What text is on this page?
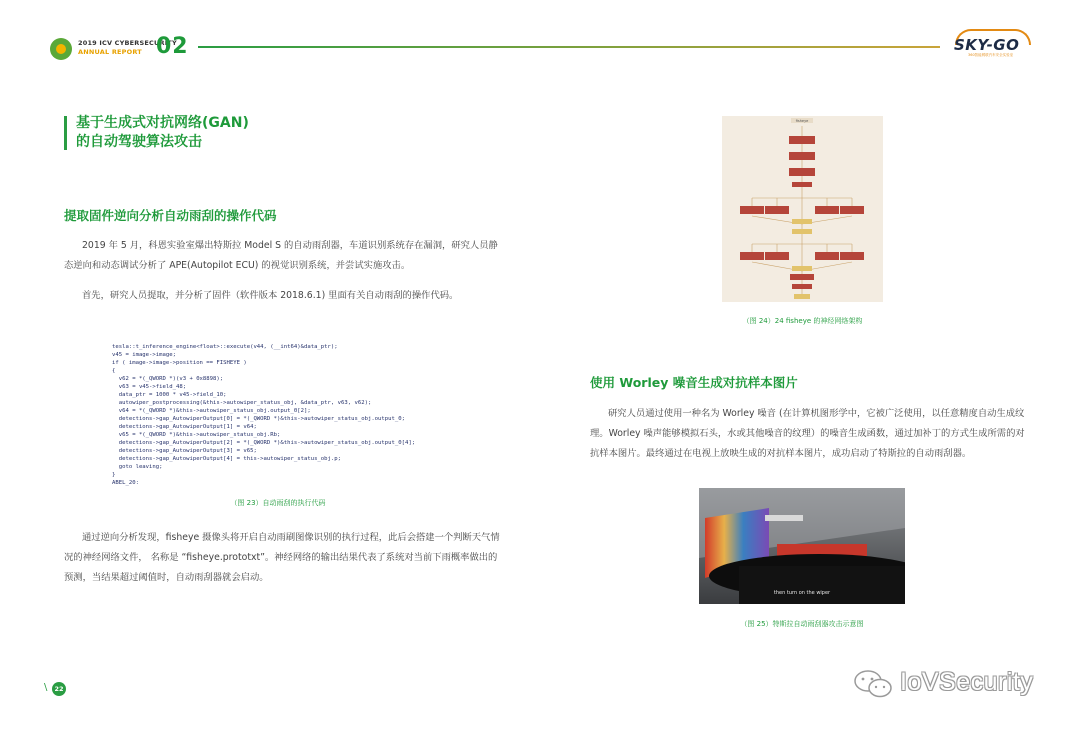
2019 ICV CYBERSECURITY
ANNUAL REPORT 02	SKY-GO
360智能网联汽车安全实验室
基于生成式对抗网络(GAN)
的自动驾驶算法攻击
提取固件逆向分析自动雨刮的操作代码
2019 年 5 月，科恩实验室爆出特斯拉 Model S 的自动雨刮器，车道识别系统存在漏洞，研究人员静态逆向和动态调试分析了 APE(Autopilot ECU) 的视觉识别系统，并尝试实施攻击。
首先，研究人员提取，并分析了固件（软件版本 2018.6.1) 里面有关自动雨刮的操作代码。
tesla::t_inference_engine<float>::execute(v44, (__int64)&data_ptr);
v45 = image->image;
if ( image->image->position == FISHEYE )
{
v62 = *(_QWORD *)(v3 + 0x8898);
v63 = v45->field_48;
data_ptr = 1000 * v45->field_10;
autowiper_postprocessing(&this->autowiper_status_obj, &data_ptr, v63, v62);
v64 = *(_QWORD *)&this->autowiper_status_obj.output_0[2];
detections->gap_AutowiperOutput[0] = *(_QWORD *)&this->autowiper_status_obj.output_0;
detections->gap_AutowiperOutput[1] = v64;
v65 = *(_QWORD *)&this->autowiper_status_obj.Rb;
detections->gap_AutowiperOutput[2] = *(_QWORD *)&this->autowiper_status_obj.output_0[4];
detections->gap_AutowiperOutput[3] = v65;
detections->gap_AutowiperOutput[4] = this->autowiper_status_obj.p;
goto leaving;
}
ABEL_20:
（图 23）自动雨刮的执行代码
通过逆向分析发现，fisheye 摄像头将开启自动雨刷图像识别的执行过程，此后会搭建一个判断天气情况的神经网络文件， 名称是 “fisheye.prototxt”。神经网络的输出结果代表了系统对当前下雨概率做出的预测，当结果超过阈值时，自动雨刮器就会启动。
fisheye
（图 24）24 fisheye 的神经网络架构
使用 Worley 噪音生成对抗样本图片
研究人员通过使用一种名为 Worley 噪音 (在计算机图形学中，它被广泛使用，以任意精度自动生成纹理。Worley 噪声能够模拟石头，水或其他噪音的纹理）的噪音生成函数，通过加补丁的方式生成所需的对抗样本图片。最终通过在电视上放映生成的对抗样本图片，成功启动了特斯拉的自动雨刮器。
then turn on the wiper
（图 25）特斯拉自动雨刮器攻击示意图
\	22	IoVSecurity
